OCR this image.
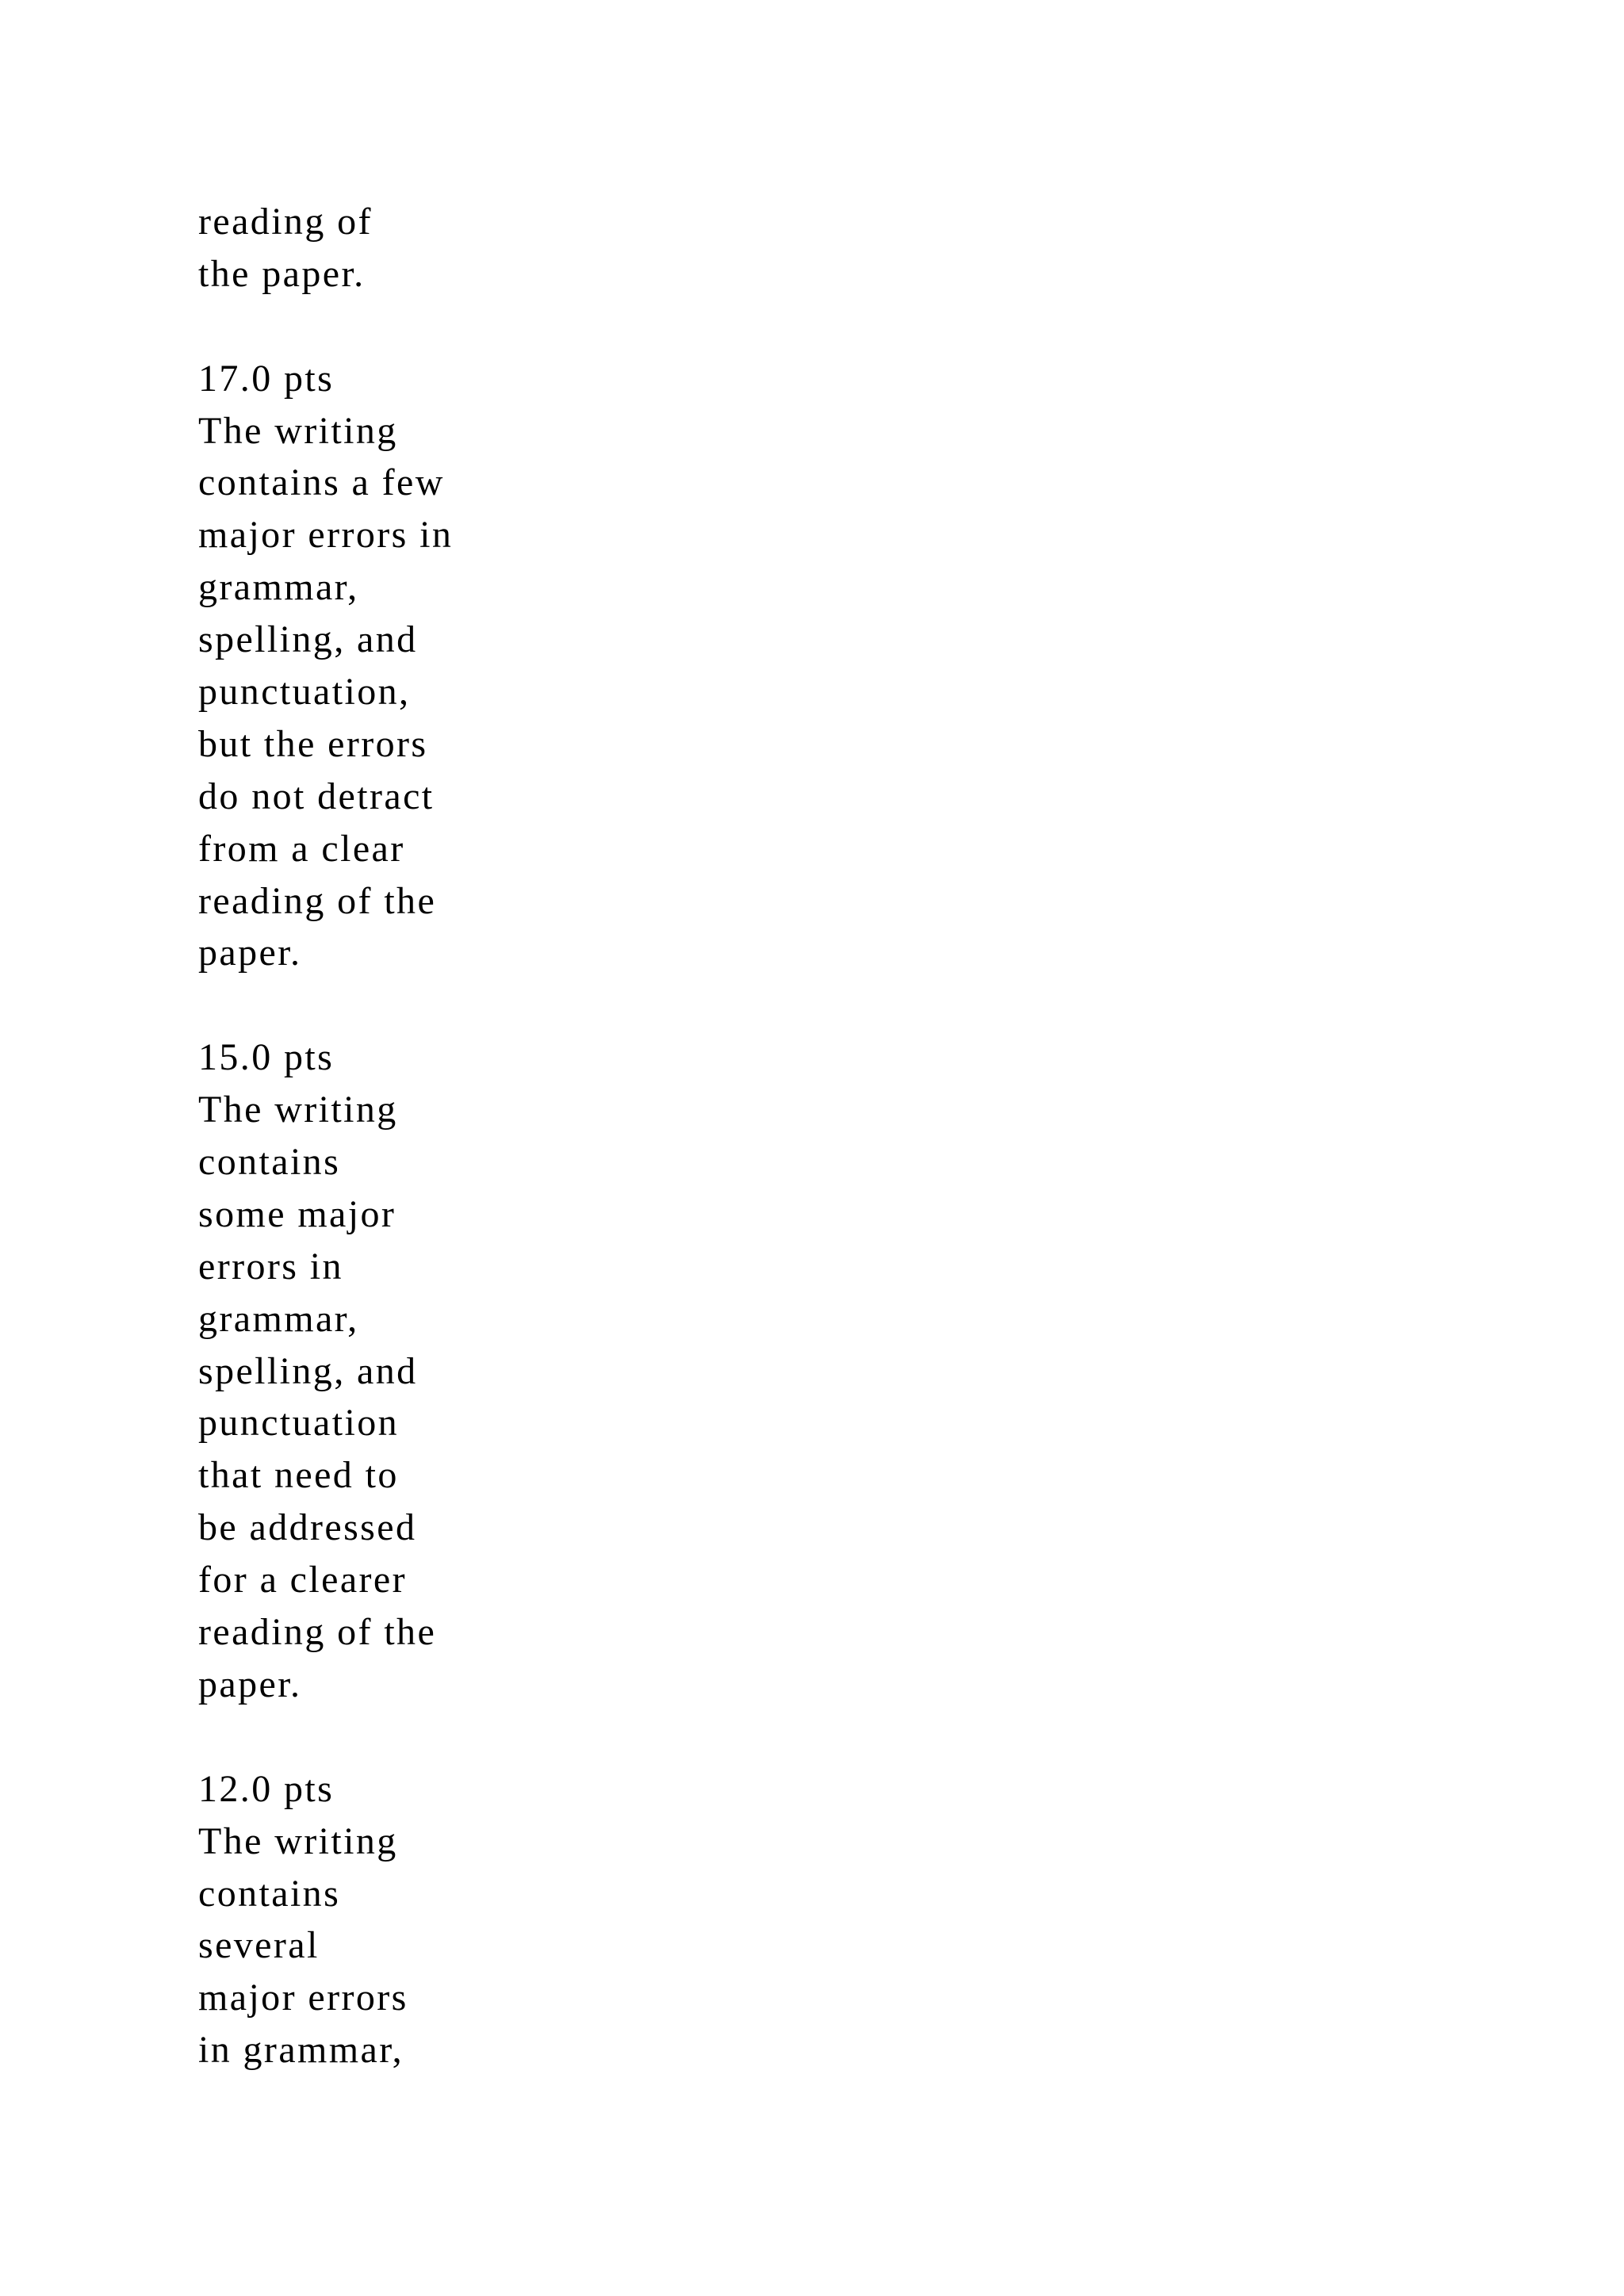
reading of
the paper.
17.0 pts
The writing
contains a few
major errors in
grammar,
spelling, and
punctuation,
but the errors
do not detract
from a clear
reading of the
paper.
15.0 pts
The writing
contains
some major
errors in
grammar,
spelling, and
punctuation
that need to
be addressed
for a clearer
reading of the
paper.
12.0 pts
The writing
contains
several
major errors
in grammar,
